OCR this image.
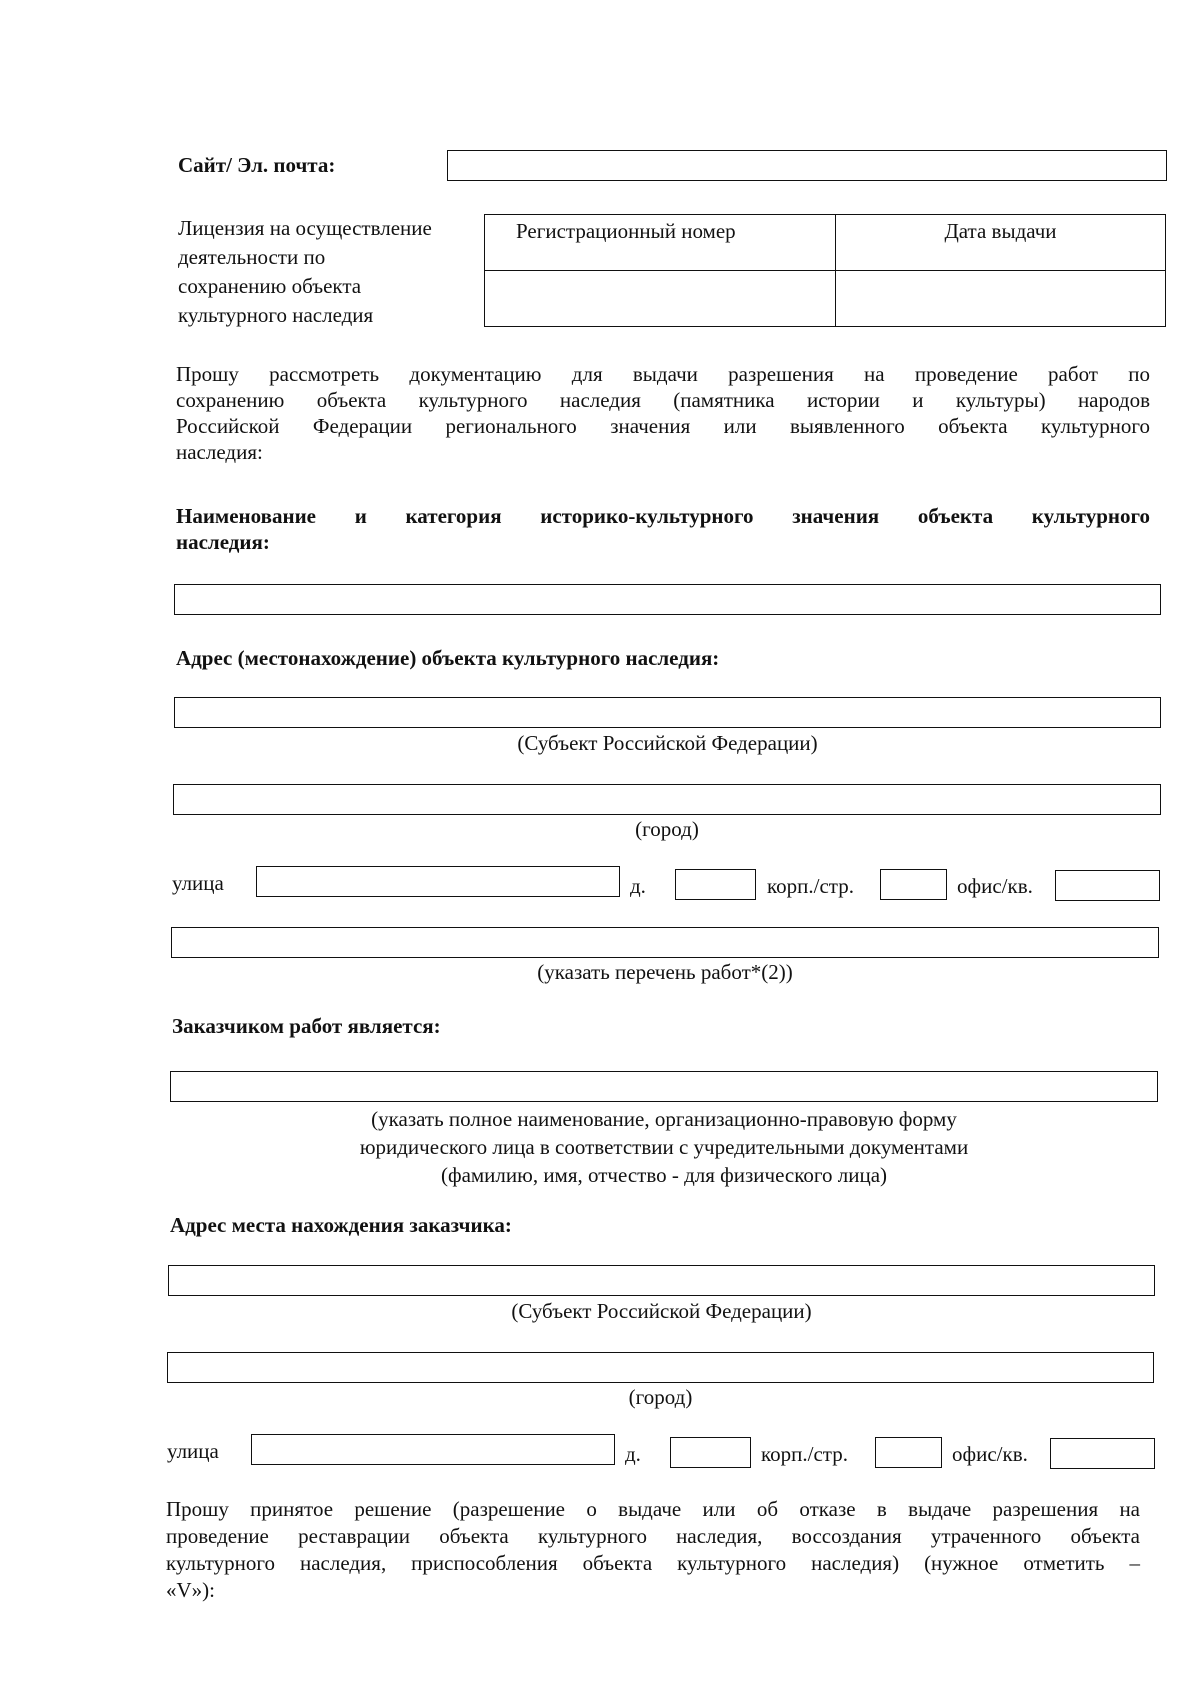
Сайт/ Эл. почта:
Лицензия на осуществление
деятельности по
сохранению объекта
культурного наследия
Регистрационный номер	Дата выдачи

Прошу рассмотреть документацию для выдачи разрешения на проведение работ по
сохранению объекта культурного наследия (памятника истории и культуры) народов
Российской Федерации регионального значения или выявленного объекта культурного
наследия:
Наименование и категория историко-культурного значения объекта культурного
наследия:
Адрес (местонахождение) объекта культурного наследия:
(Субъект Российской Федерации)
(город)
улица	д.	корп./стр.	офис/кв.
(указать перечень работ*(2))
Заказчиком работ является:
(указать полное наименование, организационно-правовую форму
юридического лица в соответствии с учредительными документами
(фамилию, имя, отчество - для физического лица)
Адрес места нахождения заказчика:
(Субъект Российской Федерации)
(город)
улица	д.	корп./стр.	офис/кв.
Прошу принятое решение (разрешение о выдаче или об отказе в выдаче разрешения на
проведение реставрации объекта культурного наследия, воссоздания утраченного объекта
культурного наследия, приспособления объекта культурного наследия) (нужное отметить –
«V»):
